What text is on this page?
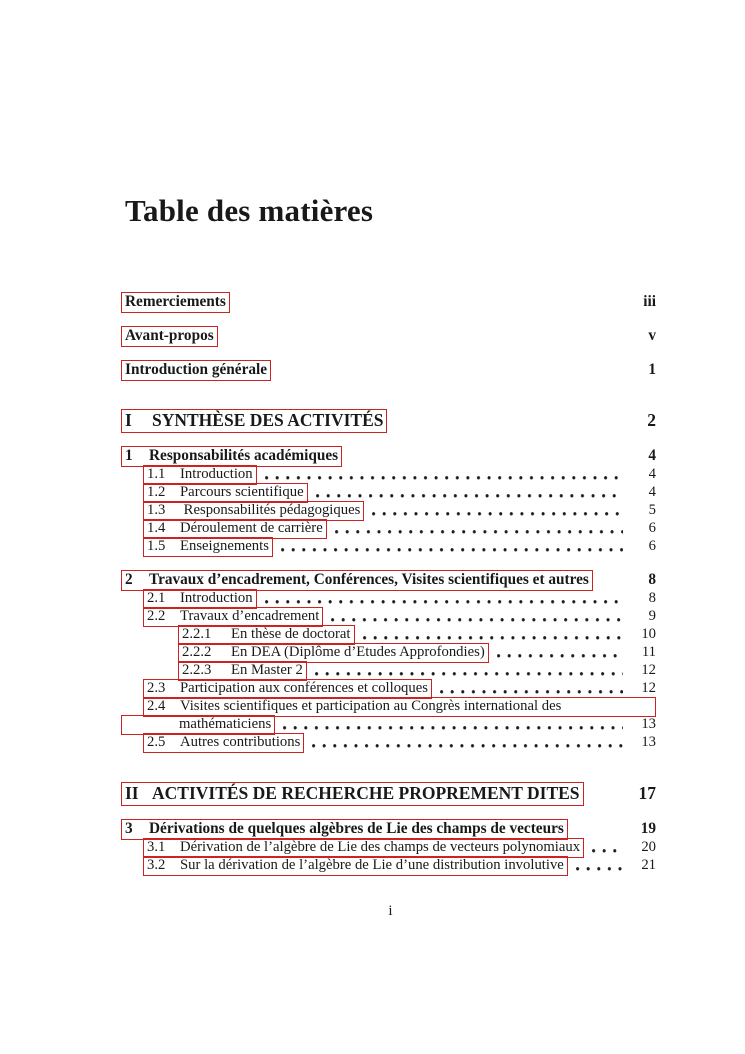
Table des matières
Remerciements	iii
Avant-propos	v
Introduction générale	1
I	SYNTHÈSE DES ACTIVITÉS	2
1	Responsabilités académiques	4
1.1 Introduction	4
1.2 Parcours scientifique	4
1.3 Responsabilités pédagogiques	5
1.4 Déroulement de carrière	6
1.5 Enseignements	6
2	Travaux d’encadrement, Conférences, Visites scientifiques et autres	8
2.1 Introduction	8
2.2 Travaux d’encadrement	9
2.2.1	En thèse de doctorat	10
2.2.2	En DEA (Diplôme d’Etudes Approfondies)	11
2.2.3	En Master 2	12
2.3 Participation aux conférences et colloques	12
2.4 Visites scientifiques et participation au Congrès international des
mathématiciens	13
2.5 Autres contributions	13
II ACTIVITÉS DE RECHERCHE PROPREMENT DITES	17
3	Dérivations de quelques algèbres de Lie des champs de vecteurs	19
3.1 Dérivation de l’algèbre de Lie des champs de vecteurs polynomiaux	20
3.2 Sur la dérivation de l’algèbre de Lie d’une distribution involutive	21
i
